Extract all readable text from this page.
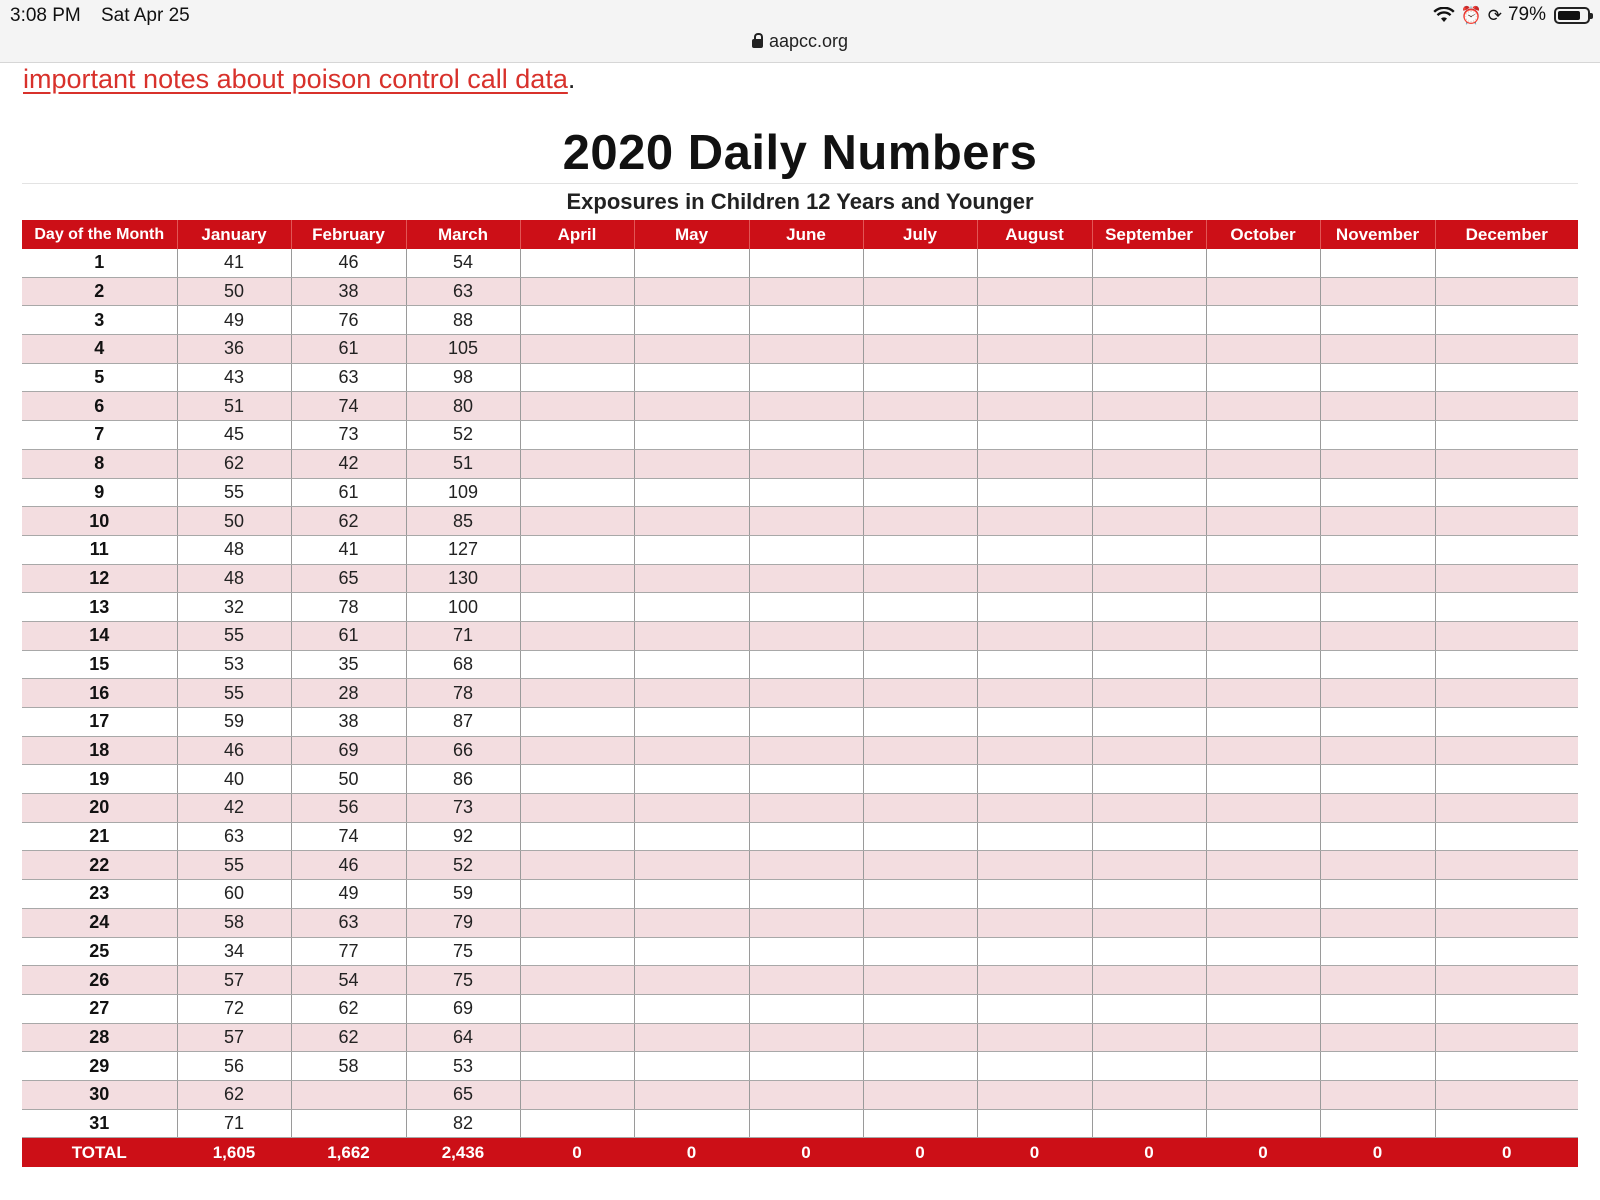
3:08 PM Sat Apr 25	⏰ ⟳ 79%
aapcc.org
important notes about poison control call data.
2020 Daily Numbers
Exposures in Children 12 Years and Younger
Day of the Month	January	February	March	April	May	June	July	August	September	October	November	December
1	41	46	54									
2	50	38	63									
3	49	76	88									
4	36	61	105									
5	43	63	98									
6	51	74	80									
7	45	73	52									
8	62	42	51									
9	55	61	109									
10	50	62	85									
11	48	41	127									
12	48	65	130									
13	32	78	100									
14	55	61	71									
15	53	35	68									
16	55	28	78									
17	59	38	87									
18	46	69	66									
19	40	50	86									
20	42	56	73									
21	63	74	92									
22	55	46	52									
23	60	49	59									
24	58	63	79									
25	34	77	75									
26	57	54	75									
27	72	62	69									
28	57	62	64									
29	56	58	53									
30	62		65									
31	71		82									
TOTAL	1,605	1,662	2,436	0	0	0	0	0	0	0	0	0
